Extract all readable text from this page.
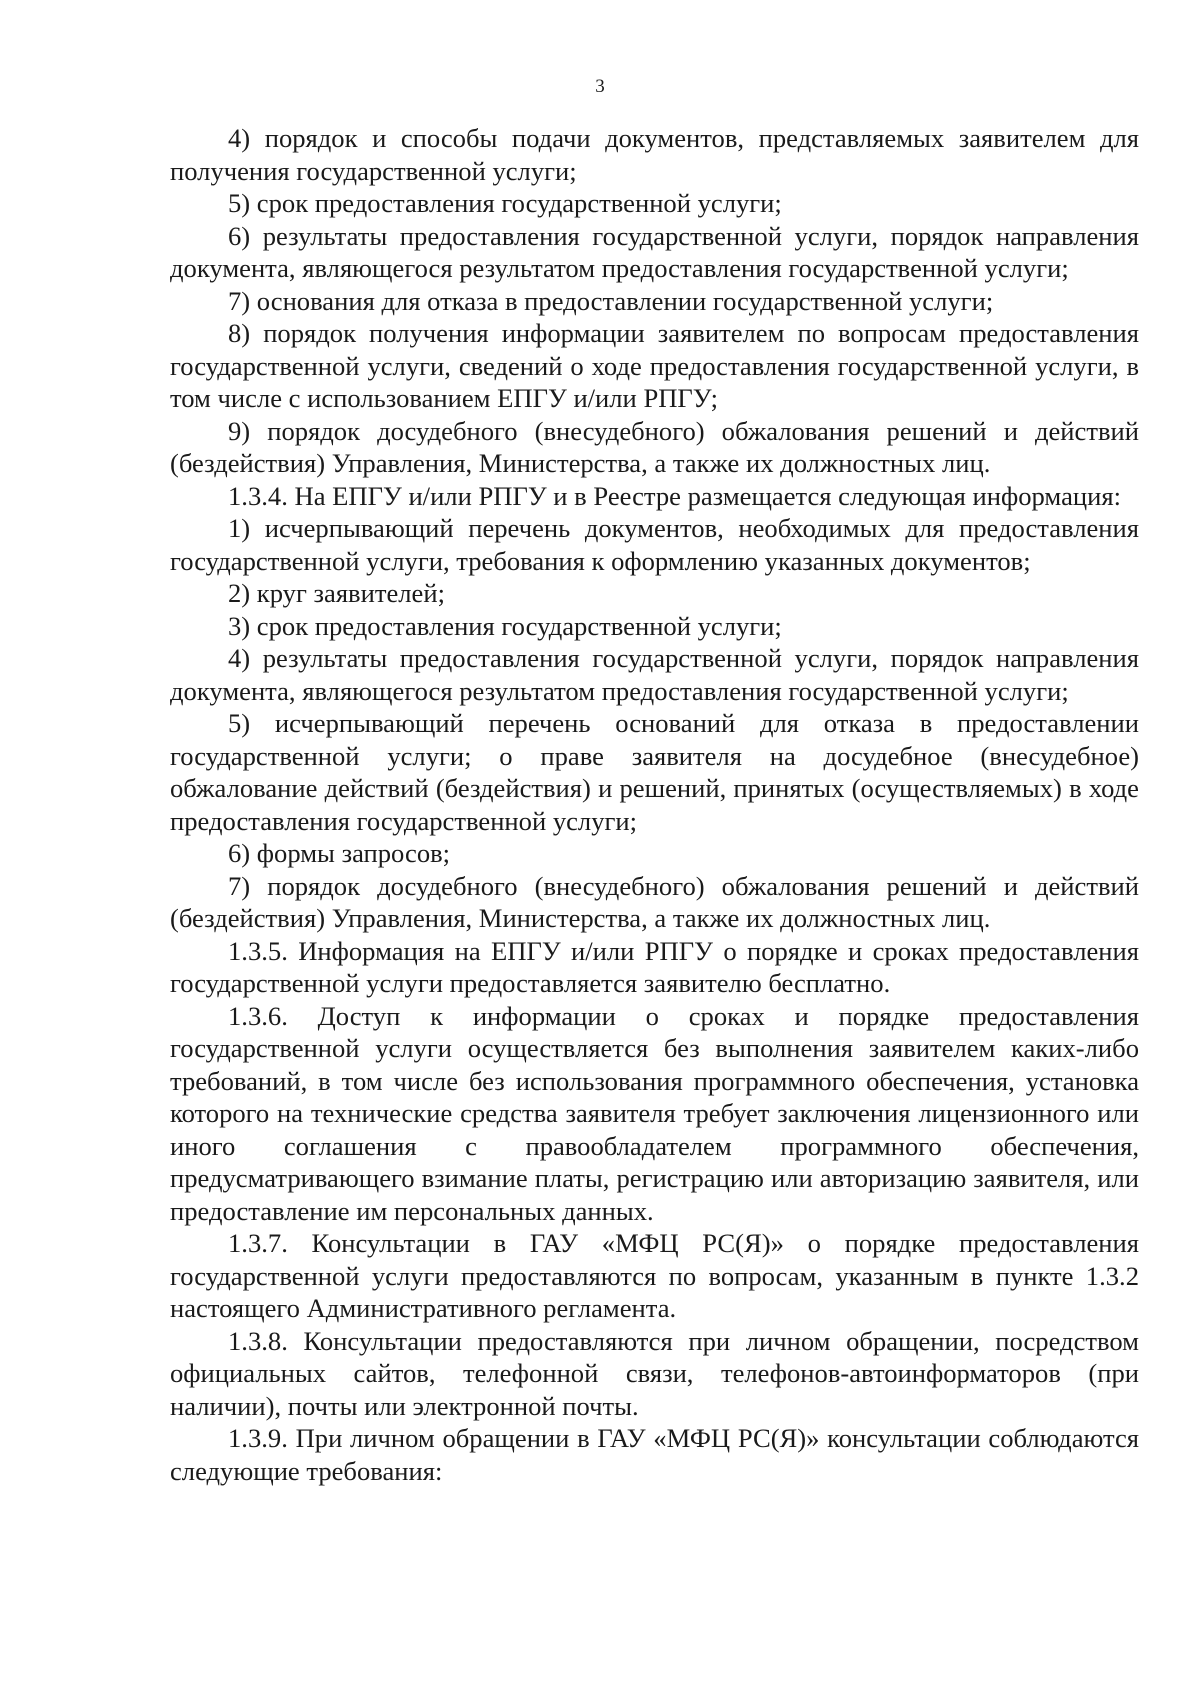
3

4) порядок и способы подачи документов, представляемых заявителем для получения государственной услуги;

5) срок предоставления государственной услуги;

6) результаты предоставления государственной услуги, порядок направления документа, являющегося результатом предоставления государственной услуги;

7) основания для отказа в предоставлении государственной услуги;

8) порядок получения информации заявителем по вопросам предоставления государственной услуги, сведений о ходе предоставления государственной услуги, в том числе с использованием ЕПГУ и/или РПГУ;

9) порядок досудебного (внесудебного) обжалования решений и действий (бездействия) Управления, Министерства, а также их должностных лиц.

1.3.4. На ЕПГУ и/или РПГУ и в Реестре размещается следующая информация:

1) исчерпывающий перечень документов, необходимых для предоставления государственной услуги, требования к оформлению указанных документов;

2) круг заявителей;

3) срок предоставления государственной услуги;

4) результаты предоставления государственной услуги, порядок направления документа, являющегося результатом предоставления государственной услуги;

5) исчерпывающий перечень оснований для отказа в предоставлении государственной услуги; о праве заявителя на досудебное (внесудебное) обжалование действий (бездействия) и решений, принятых (осуществляемых) в ходе предоставления государственной услуги;

6) формы запросов;

7) порядок досудебного (внесудебного) обжалования решений и действий (бездействия) Управления, Министерства, а также их должностных лиц.

1.3.5. Информация на ЕПГУ и/или РПГУ о порядке и сроках предоставления государственной услуги предоставляется заявителю бесплатно.

1.3.6. Доступ к информации о сроках и порядке предоставления государственной услуги осуществляется без выполнения заявителем каких-либо требований, в том числе без использования программного обеспечения, установка которого на технические средства заявителя требует заключения лицензионного или иного соглашения с правообладателем программного обеспечения, предусматривающего взимание платы, регистрацию или авторизацию заявителя, или предоставление им персональных данных.

1.3.7. Консультации в ГАУ «МФЦ РС(Я)» о порядке предоставления государственной услуги предоставляются по вопросам, указанным в пункте 1.3.2 настоящего Административного регламента.

1.3.8. Консультации предоставляются при личном обращении, посредством официальных сайтов, телефонной связи, телефонов-автоинформаторов (при наличии), почты или электронной почты.

1.3.9. При личном обращении в ГАУ «МФЦ РС(Я)» консультации соблюдаются следующие требования:
